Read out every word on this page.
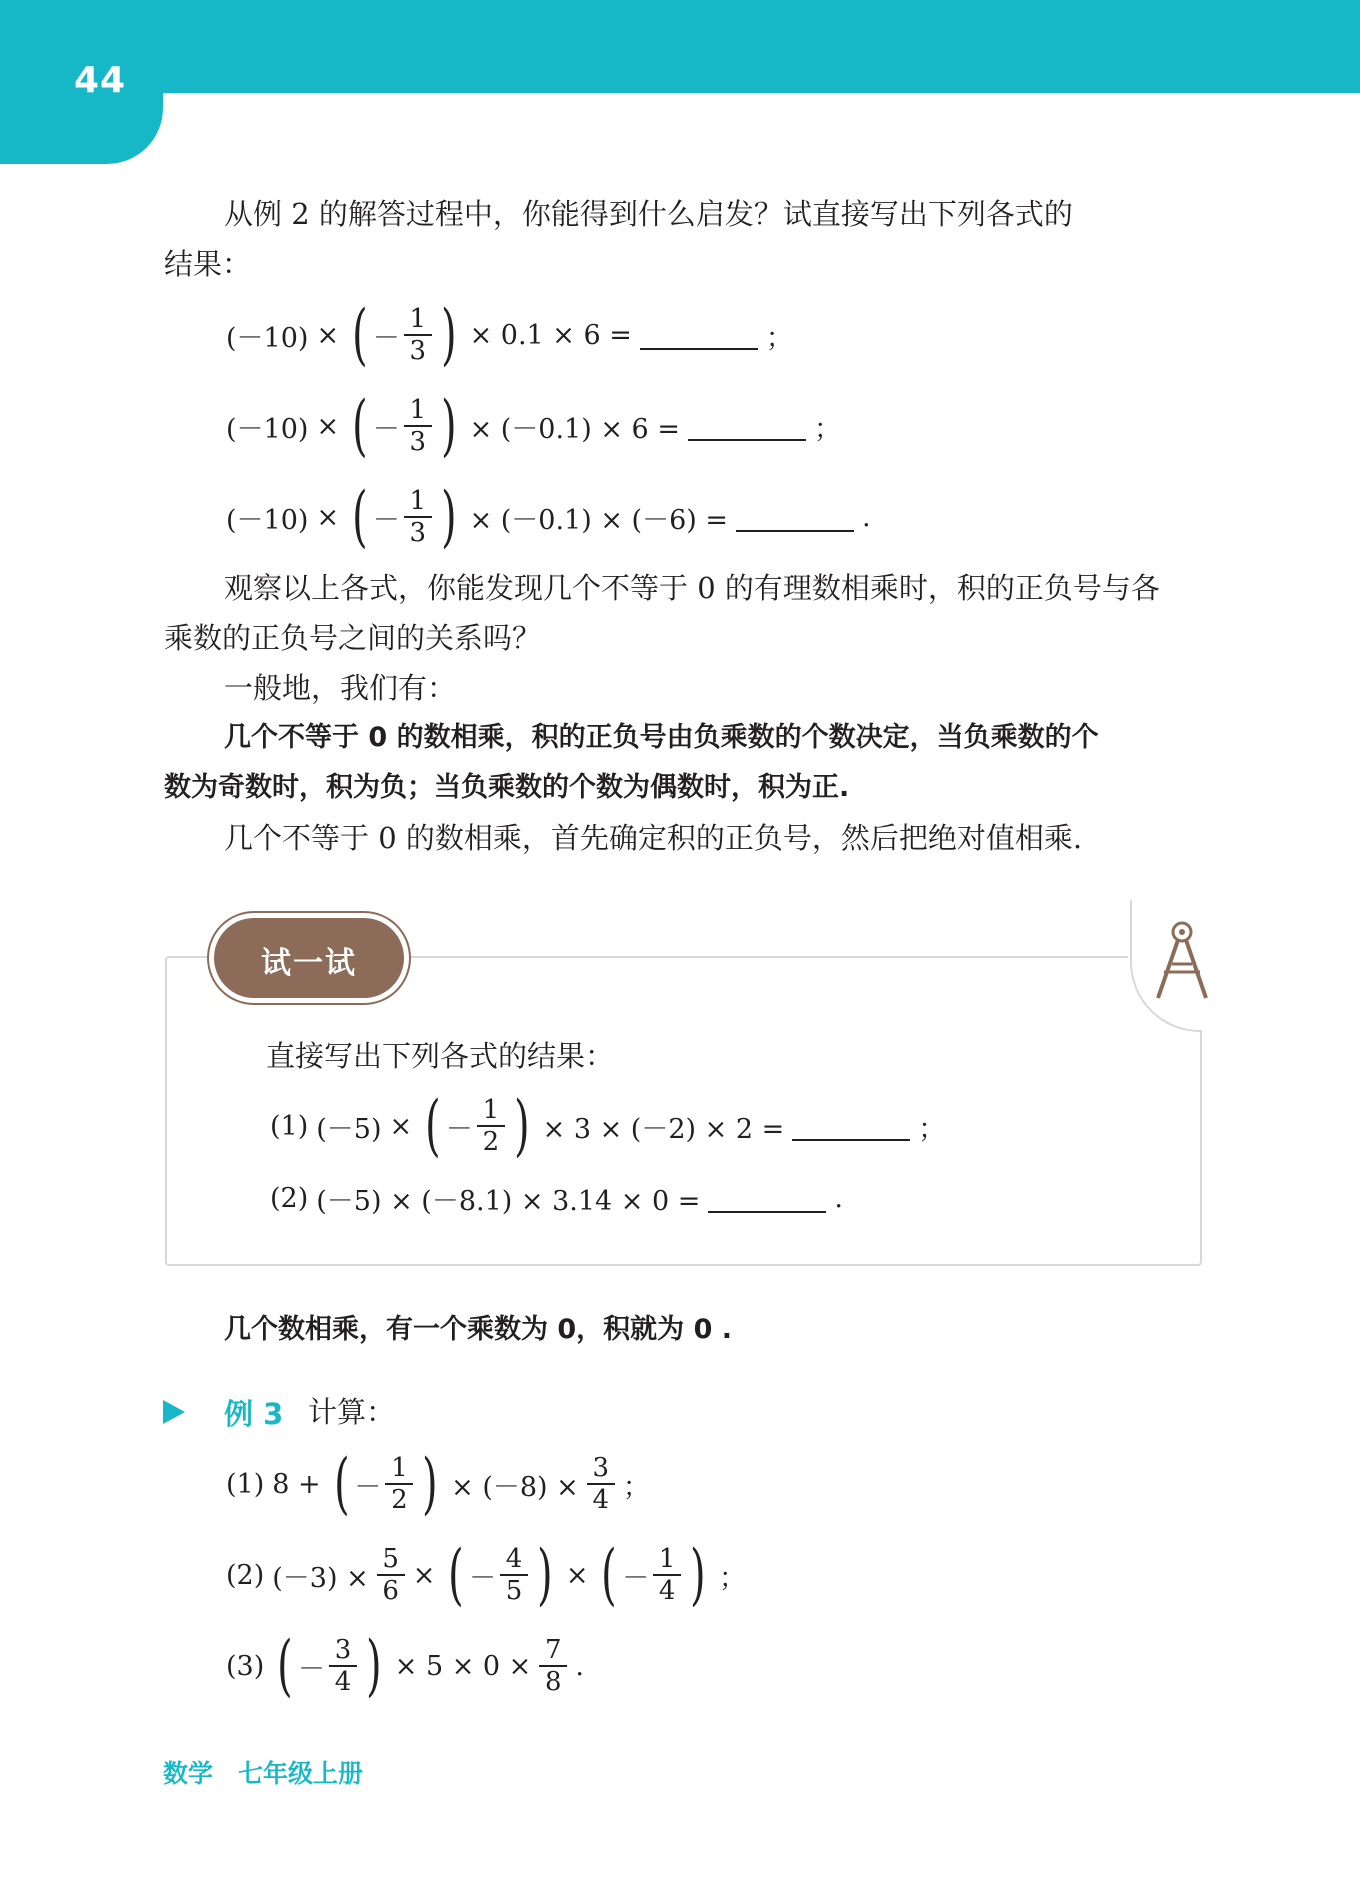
44
从例 2 的解答过程中，你能得到什么启发？试直接写出下列各式的
结果：
(－10) × ( － $\frac{1}{3}$ ) × 0.1 × 6 =	；
(－10) × ( － $\frac{1}{3}$ ) × (－0.1) × 6 =	；
(－10) × ( － $\frac{1}{3}$ ) × (－0.1) × (－6) =	.
观察以上各式，你能发现几个不等于 0 的有理数相乘时，积的正负号与各
乘数的正负号之间的关系吗？
一般地，我们有：
几个不等于 0 的数相乘，积的正负号由负乘数的个数决定，当负乘数的个
数为奇数时，积为负；当负乘数的个数为偶数时，积为正.
几个不等于 0 的数相乘，首先确定积的正负号，然后把绝对值相乘.
试一试
直接写出下列各式的结果：
(1) (－5) × ( － $\frac{1}{2}$ ) × 3 × (－2) × 2 =	；
(2) (－5) × (－8.1) × 3.14 × 0 =	.
几个数相乘，有一个乘数为 0，积就为 0 .
例 3 计算：
(1) 8 + ( － $\frac{1}{2}$ ) × $(-8) \times \frac{3}{4}$ ；
(2) $(-3) \times \frac{5}{6}$ × ( － $\frac{4}{5}$ ) × ( － $\frac{1}{4}$ ) ；
(3) ( － $\frac{3}{4}$ ) × $5 \times 0 \times \frac{7}{8}$ .
数学　七年级上册
